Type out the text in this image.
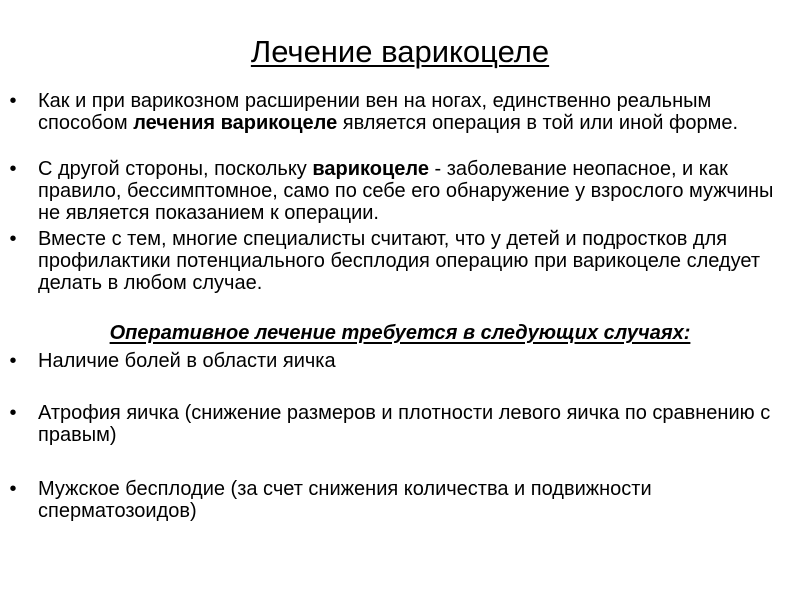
Лечение варикоцеле
• Как и при варикозном расширении вен на ногах, единственно реальным способом лечения варикоцеле является операция в той или иной форме.
• С другой стороны, поскольку варикоцеле - заболевание неопасное, и как правило, бессимптомное, само по себе его обнаружение у взрослого мужчины не является показанием к операции.
• Вместе с тем, многие специалисты считают, что у детей и подростков для профилактики потенциального бесплодия операцию при варикоцеле следует делать в любом случае.
Оперативное лечение требуется в следующих случаях:
• Наличие болей в области яичка
• Атрофия яичка (снижение размеров и плотности левого яичка по сравнению с правым)
• Мужское бесплодие (за счет снижения количества и подвижности сперматозоидов)
